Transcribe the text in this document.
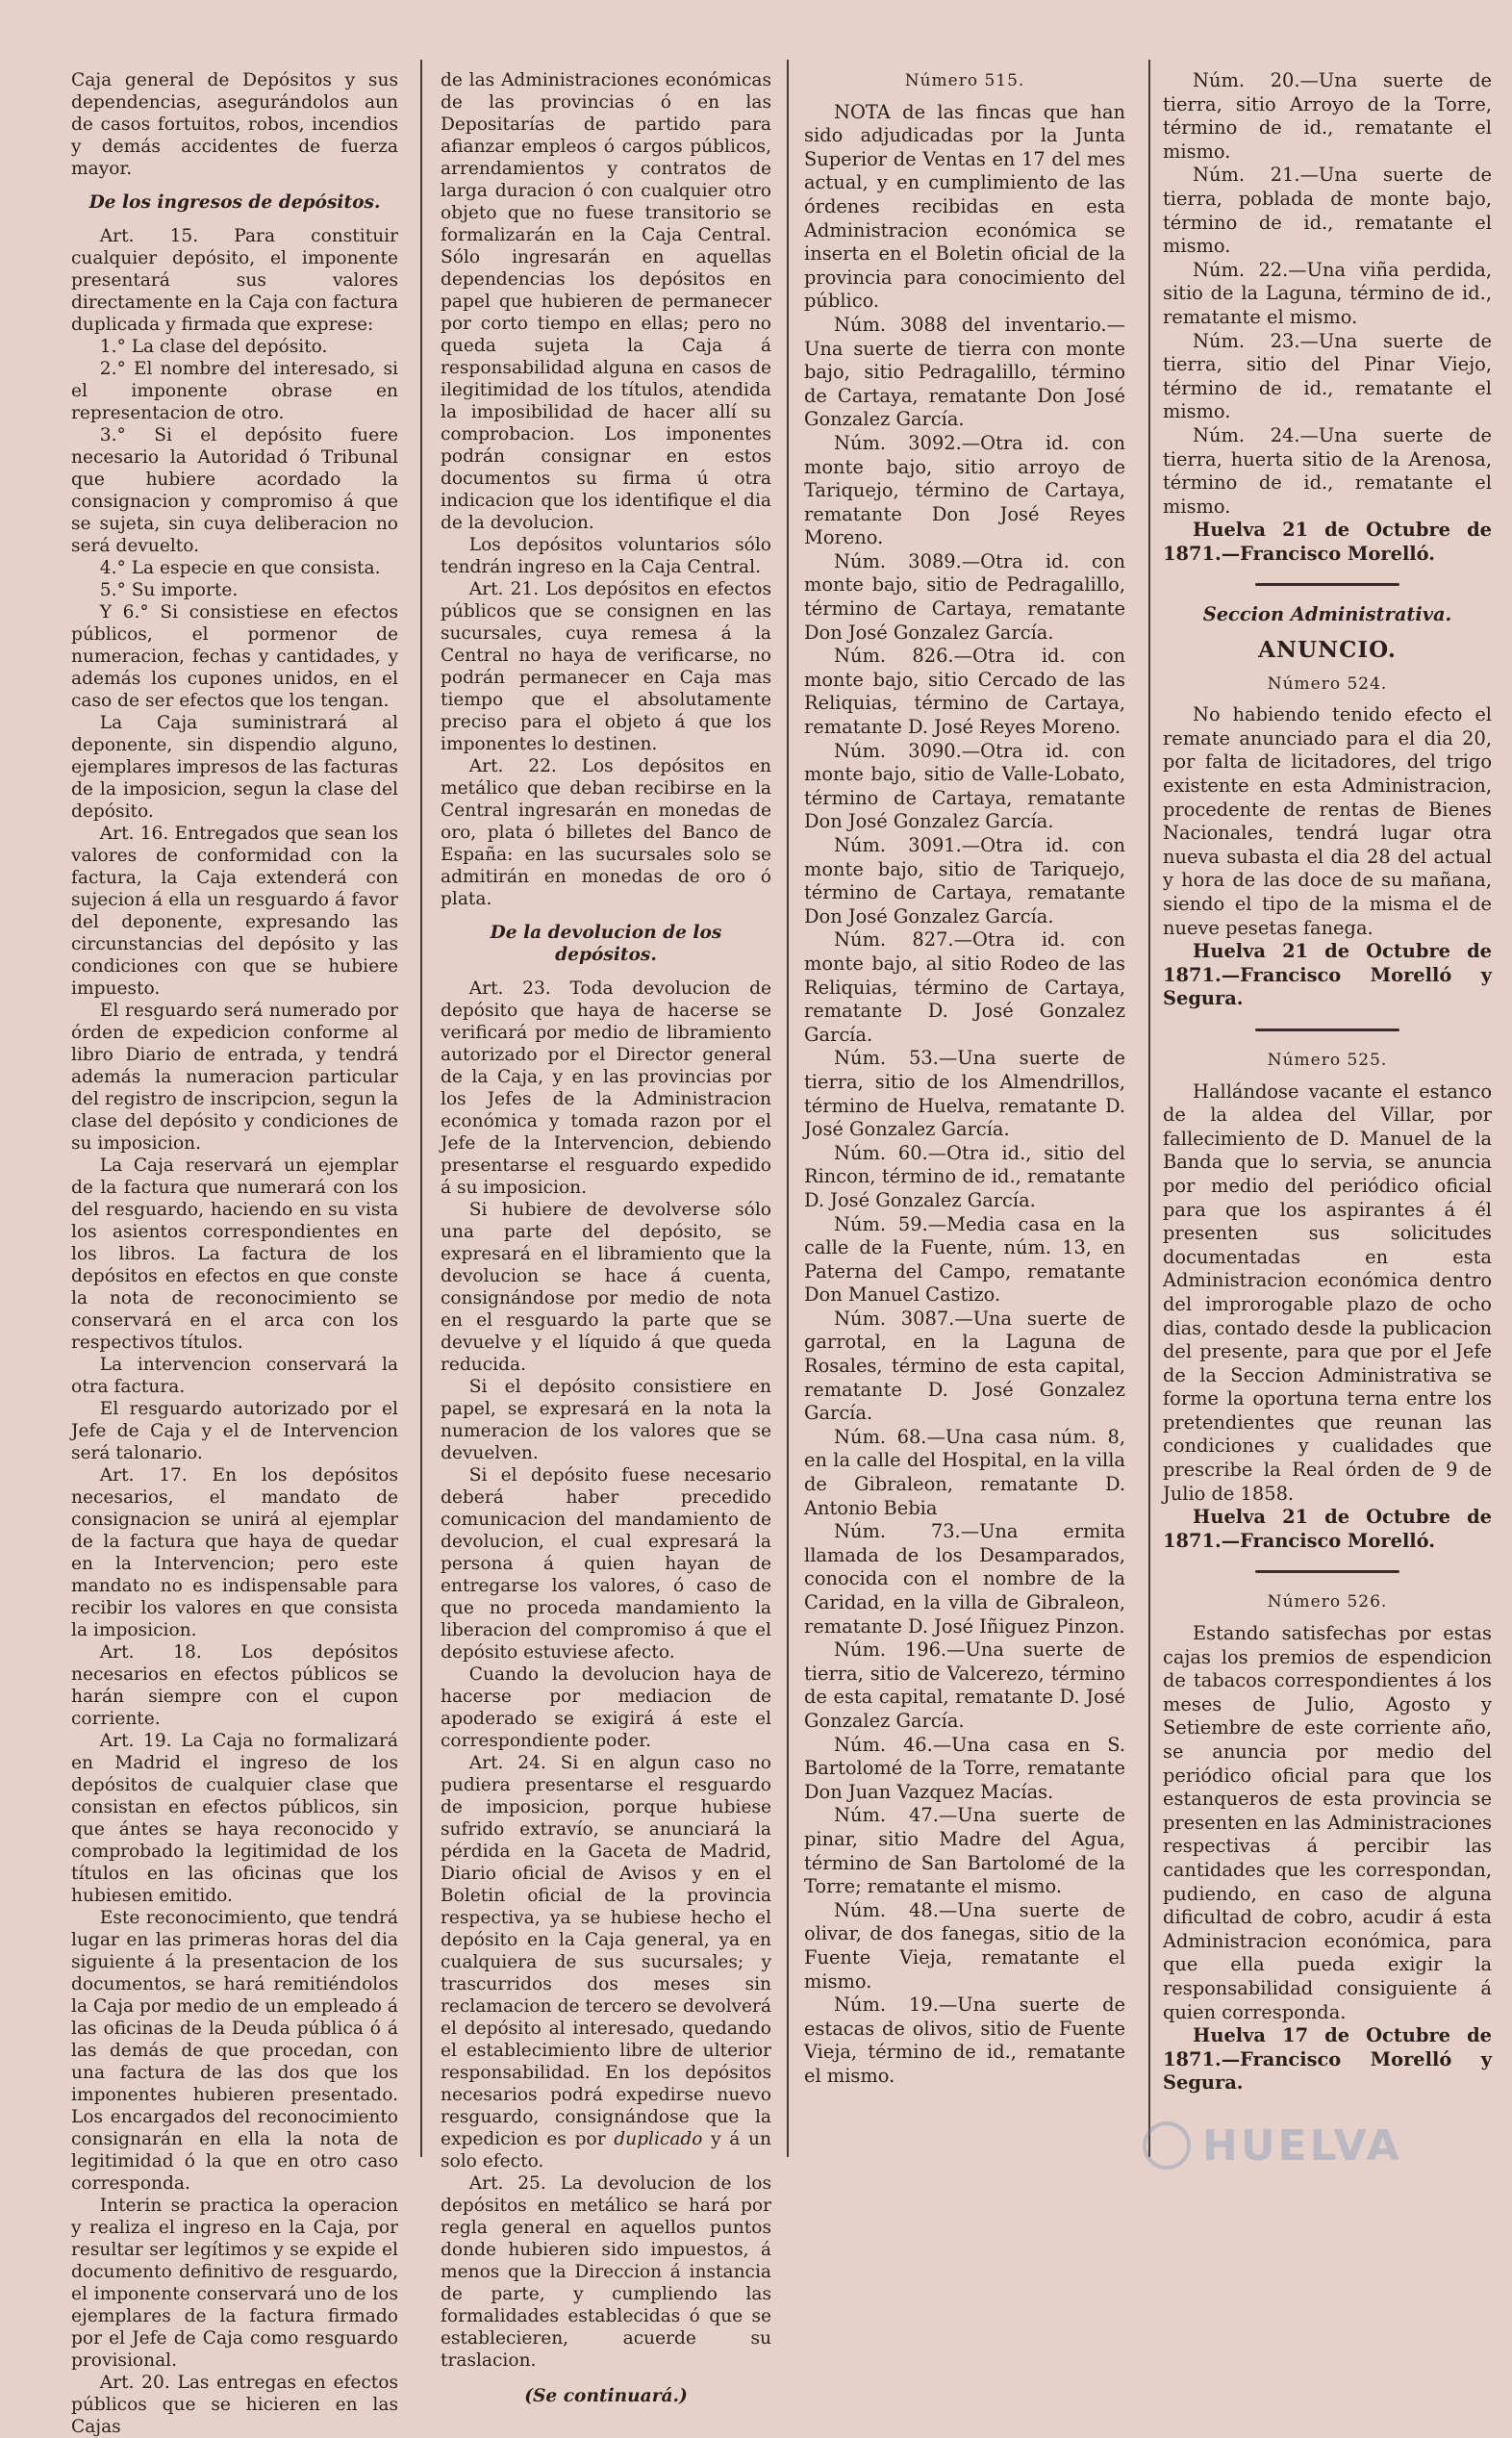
Caja general de Depósitos y sus dependencias, asegurándolos aun de casos fortuitos, robos, incendios y demás accidentes de fuerza mayor.

De los ingresos de depósitos.

Art. 15. Para constituir cualquier depósito, el imponente presentará sus valores directamente en la Caja con factura duplicada y firmada que exprese:

1.° La clase del depósito.

2.° El nombre del interesado, si el imponente obrase en representacion de otro.

3.° Si el depósito fuere necesario la Autoridad ó Tribunal que hubiere acordado la consignacion y compromiso á que se sujeta, sin cuya deliberacion no será devuelto.

4.° La especie en que consista.

5.° Su importe.

Y 6.° Si consistiese en efectos públicos, el pormenor de numeracion, fechas y cantidades, y además los cupones unidos, en el caso de ser efectos que los tengan.

La Caja suministrará al deponente, sin dispendio alguno, ejemplares impresos de las facturas de la imposicion, segun la clase del depósito.

Art. 16. Entregados que sean los valores de conformidad con la factura, la Caja extenderá con sujecion á ella un resguardo á favor del deponente, expresando las circunstancias del depósito y las condiciones con que se hubiere impuesto.

El resguardo será numerado por órden de expedicion conforme al libro Diario de entrada, y tendrá además la numeracion particular del registro de inscripcion, segun la clase del depósito y condiciones de su imposicion.

La Caja reservará un ejemplar de la factura que numerará con los del resguardo, haciendo en su vista los asientos correspondientes en los libros. La factura de los depósitos en efectos en que conste la nota de reconocimiento se conservará en el arca con los respectivos títulos.

La intervencion conservará la otra factura.

El resguardo autorizado por el Jefe de Caja y el de Intervencion será talonario.

Art. 17. En los depósitos necesarios, el mandato de consignacion se unirá al ejemplar de la factura que haya de quedar en la Intervencion; pero este mandato no es indispensable para recibir los valores en que consista la imposicion.

Art. 18. Los depósitos necesarios en efectos públicos se harán siempre con el cupon corriente.

Art. 19. La Caja no formalizará en Madrid el ingreso de los depósitos de cualquier clase que consistan en efectos públicos, sin que ántes se haya reconocido y comprobado la legitimidad de los títulos en las oficinas que los hubiesen emitido.

Este reconocimiento, que tendrá lugar en las primeras horas del dia siguiente á la presentacion de los documentos, se hará remitiéndolos la Caja por medio de un empleado á las oficinas de la Deuda pública ó á las demás de que procedan, con una factura de las dos que los imponentes hubieren presentado. Los encargados del reconocimiento consignarán en ella la nota de legitimidad ó la que en otro caso corresponda.

Interin se practica la operacion y realiza el ingreso en la Caja, por resultar ser legítimos y se expide el documento definitivo de resguardo, el imponente conservará uno de los ejemplares de la factura firmado por el Jefe de Caja como resguardo provisional.

Art. 20. Las entregas en efectos públicos que se hicieren en las Cajas

de las Administraciones económicas de las provincias ó en las Depositarías de partido para afianzar empleos ó cargos públicos, arrendamientos y contratos de larga duracion ó con cualquier otro objeto que no fuese transitorio se formalizarán en la Caja Central. Sólo ingresarán en aquellas dependencias los depósitos en papel que hubieren de permanecer por corto tiempo en ellas; pero no queda sujeta la Caja á responsabilidad alguna en casos de ilegitimidad de los títulos, atendida la imposibilidad de hacer allí su comprobacion. Los imponentes podrán consignar en estos documentos su firma ú otra indicacion que los identifique el dia de la devolucion.

Los depósitos voluntarios sólo tendrán ingreso en la Caja Central.

Art. 21. Los depósitos en efectos públicos que se consignen en las sucursales, cuya remesa á la Central no haya de verificarse, no podrán permanecer en Caja mas tiempo que el absolutamente preciso para el objeto á que los imponentes lo destinen.

Art. 22. Los depósitos en metálico que deban recibirse en la Central ingresarán en monedas de oro, plata ó billetes del Banco de España: en las sucursales solo se admitirán en monedas de oro ó plata.

De la devolucion de los depósitos.

Art. 23. Toda devolucion de depósito que haya de hacerse se verificará por medio de libramiento autorizado por el Director general de la Caja, y en las provincias por los Jefes de la Administracion económica y tomada razon por el Jefe de la Intervencion, debiendo presentarse el resguardo expedido á su imposicion.

Si hubiere de devolverse sólo una parte del depósito, se expresará en el libramiento que la devolucion se hace á cuenta, consignándose por medio de nota en el resguardo la parte que se devuelve y el líquido á que queda reducida.

Si el depósito consistiere en papel, se expresará en la nota la numeracion de los valores que se devuelven.

Si el depósito fuese necesario deberá haber precedido comunicacion del mandamiento de devolucion, el cual expresará la persona á quien hayan de entregarse los valores, ó caso de que no proceda mandamiento la liberacion del compromiso á que el depósito estuviese afecto.

Cuando la devolucion haya de hacerse por mediacion de apoderado se exigirá á este el correspondiente poder.

Art. 24. Si en algun caso no pudiera presentarse el resguardo de imposicion, porque hubiese sufrido extravío, se anunciará la pérdida en la Gaceta de Madrid, Diario oficial de Avisos y en el Boletin oficial de la provincia respectiva, ya se hubiese hecho el depósito en la Caja general, ya en cualquiera de sus sucursales; y trascurridos dos meses sin reclamacion de tercero se devolverá el depósito al interesado, quedando el establecimiento libre de ulterior responsabilidad. En los depósitos necesarios podrá expedirse nuevo resguardo, consignándose que la expedicion es por duplicado y á un solo efecto.

Art. 25. La devolucion de los depósitos en metálico se hará por regla general en aquellos puntos donde hubieren sido impuestos, á menos que la Direccion á instancia de parte, y cumpliendo las formalidades establecidas ó que se establecieren, acuerde su traslacion.

(Se continuará.)

Número 515.

NOTA de las fincas que han sido adjudicadas por la Junta Superior de Ventas en 17 del mes actual, y en cumplimiento de las órdenes recibidas en esta Administracion económica se inserta en el Boletin oficial de la provincia para conocimiento del público.

Núm. 3088 del inventario.—Una suerte de tierra con monte bajo, sitio Pedragalillo, término de Cartaya, rematante Don José Gonzalez García.

Núm. 3092.—Otra id. con monte bajo, sitio arroyo de Tariquejo, término de Cartaya, rematante Don José Reyes Moreno.

Núm. 3089.—Otra id. con monte bajo, sitio de Pedragalillo, término de Cartaya, rematante Don José Gonzalez García.

Núm. 826.—Otra id. con monte bajo, sitio Cercado de las Reliquias, término de Cartaya, rematante D. José Reyes Moreno.

Núm. 3090.—Otra id. con monte bajo, sitio de Valle-Lobato, término de Cartaya, rematante Don José Gonzalez García.

Núm. 3091.—Otra id. con monte bajo, sitio de Tariquejo, término de Cartaya, rematante Don José Gonzalez García.

Núm. 827.—Otra id. con monte bajo, al sitio Rodeo de las Reliquias, término de Cartaya, rematante D. José Gonzalez García.

Núm. 53.—Una suerte de tierra, sitio de los Almendrillos, término de Huelva, rematante D. José Gonzalez García.

Núm. 60.—Otra id., sitio del Rincon, término de id., rematante D. José Gonzalez García.

Núm. 59.—Media casa en la calle de la Fuente, núm. 13, en Paterna del Campo, rematante Don Manuel Castizo.

Núm. 3087.—Una suerte de garrotal, en la Laguna de Rosales, término de esta capital, rematante D. José Gonzalez García.

Núm. 68.—Una casa núm. 8, en la calle del Hospital, en la villa de Gibraleon, rematante D. Antonio Bebia

Núm. 73.—Una ermita llamada de los Desamparados, conocida con el nombre de la Caridad, en la villa de Gibraleon, rematante D. José Iñiguez Pinzon.

Núm. 196.—Una suerte de tierra, sitio de Valcerezo, término de esta capital, rematante D. José Gonzalez García.

Núm. 46.—Una casa en S. Bartolomé de la Torre, rematante Don Juan Vazquez Macías.

Núm. 47.—Una suerte de pinar, sitio Madre del Agua, término de San Bartolomé de la Torre; rematante el mismo.

Núm. 48.—Una suerte de olivar, de dos fanegas, sitio de la Fuente Vieja, rematante el mismo.

Núm. 19.—Una suerte de estacas de olivos, sitio de Fuente Vieja, término de id., rematante el mismo.

Núm. 20.—Una suerte de tierra, sitio Arroyo de la Torre, término de id., rematante el mismo.

Núm. 21.—Una suerte de tierra, poblada de monte bajo, término de id., rematante el mismo.

Núm. 22.—Una viña perdida, sitio de la Laguna, término de id., rematante el mismo.

Núm. 23.—Una suerte de tierra, sitio del Pinar Viejo, término de id., rematante el mismo.

Núm. 24.—Una suerte de tierra, huerta sitio de la Arenosa, término de id., rematante el mismo.

Huelva 21 de Octubre de 1871.—Francisco Morelló.

Seccion Administrativa.

ANUNCIO.

Número 524.

No habiendo tenido efecto el remate anunciado para el dia 20, por falta de licitadores, del trigo existente en esta Administracion, procedente de rentas de Bienes Nacionales, tendrá lugar otra nueva subasta el dia 28 del actual y hora de las doce de su mañana, siendo el tipo de la misma el de nueve pesetas fanega.

Huelva 21 de Octubre de 1871.—Francisco Morelló y Segura.

Número 525.

Hallándose vacante el estanco de la aldea del Villar, por fallecimiento de D. Manuel de la Banda que lo servia, se anuncia por medio del periódico oficial para que los aspirantes á él presenten sus solicitudes documentadas en esta Administracion económica dentro del improrogable plazo de ocho dias, contado desde la publicacion del presente, para que por el Jefe de la Seccion Administrativa se forme la oportuna terna entre los pretendientes que reunan las condiciones y cualidades que prescribe la Real órden de 9 de Julio de 1858.

Huelva 21 de Octubre de 1871.—Francisco Morelló.

Número 526.

Estando satisfechas por estas cajas los premios de espendicion de tabacos correspondientes á los meses de Julio, Agosto y Setiembre de este corriente año, se anuncia por medio del periódico oficial para que los estanqueros de esta provincia se presenten en las Administraciones respectivas á percibir las cantidades que les correspondan, pudiendo, en caso de alguna dificultad de cobro, acudir á esta Administracion económica, para que ella pueda exigir la responsabilidad consiguiente á quien corresponda.

Huelva 17 de Octubre de 1871.—Francisco Morelló y Segura.

HUELVA
